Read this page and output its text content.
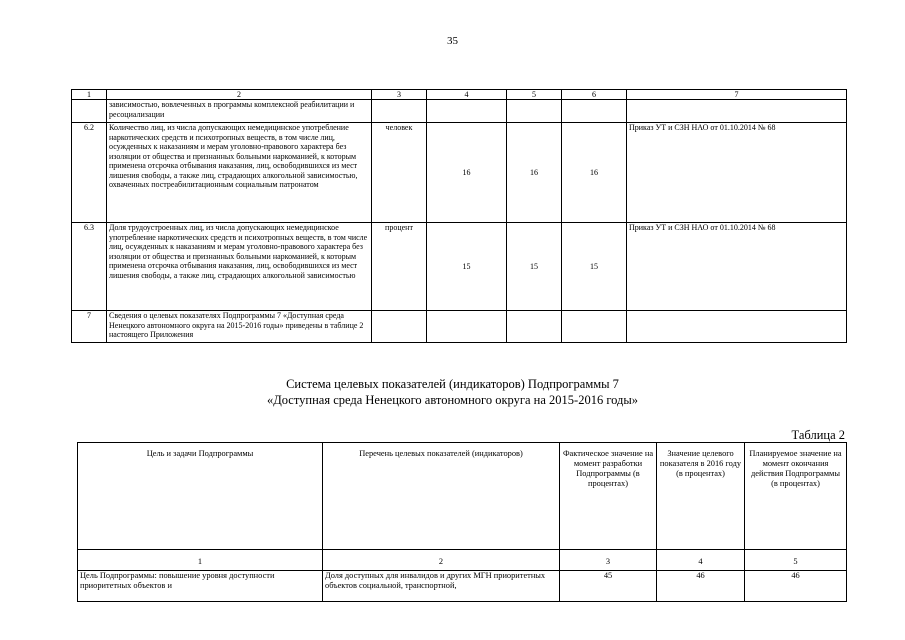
35
1	2	3	4	5	6	7
	зависимостью, вовлеченных в программы комплексной реабилитации и ресоциализации					
6.2	Количество лиц, из числа допускающих немедицинское употребление наркотических средств и психотропных веществ, в том числе лиц, осужденных к наказаниям и мерам уголовно-правового характера без изоляции от общества и признанных больными наркоманией, к которым применена отсрочка отбывания наказания, лиц, освободившихся из мест лишения свободы, а также лиц, страдающих алкогольной зависимостью, охваченных постреабилитационным социальным патронатом	человек	16	16	16	Приказ УТ и СЗН НАО от 01.10.2014 № 68
6.3	Доля трудоустроенных лиц, из числа допускающих немедицинское употребление наркотических средств и психотропных веществ, в том числе лиц, осужденных к наказаниям и мерам уголовно-правового характера без изоляции от общества и признанных больными наркоманией, к которым применена отсрочка отбывания наказания, лиц, освободившихся из мест лишения свободы, а также лиц, страдающих алкогольной зависимостью	процент	15	15	15	Приказ УТ и СЗН НАО от 01.10.2014 № 68
7	Сведения о целевых показателях Подпрограммы 7 «Доступная среда Ненецкого автономного округа на 2015-2016 годы» приведены в таблице 2 настоящего Приложения					
Система целевых показателей (индикаторов) Подпрограммы 7
«Доступная среда Ненецкого автономного округа на 2015-2016 годы»
Таблица 2
Цель и задачи Подпрограммы	Перечень целевых показателей (индикаторов)	Фактическое значение на момент разработки Подпрограммы (в процентах)	Значение целевого показателя в 2016 году (в процентах)	Планируемое значение на момент окончания действия Подпрограммы (в процентах)
1	2	3	4	5
Цель Подпрограммы: повышение уровня доступности приоритетных объектов и	Доля доступных для инвалидов и других МГН приоритетных объектов социальной, транспортной,	45	46	46
